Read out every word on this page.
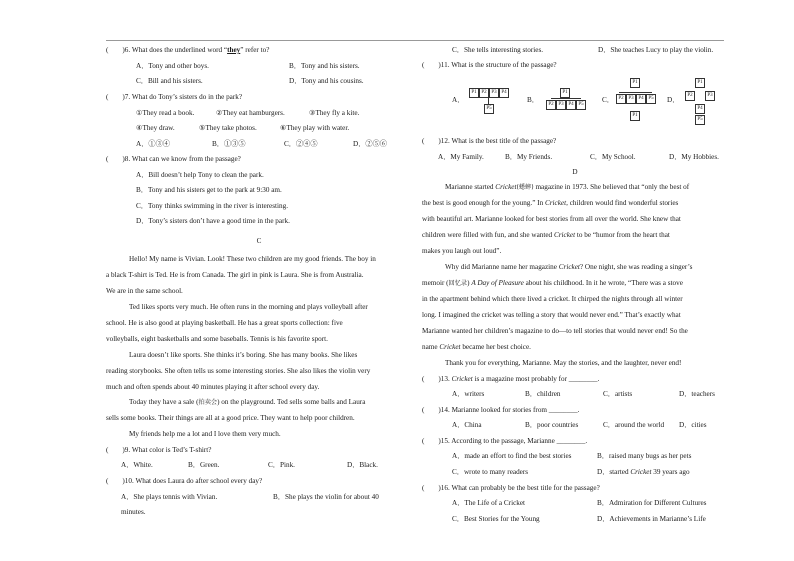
( )6. What does the underlined word “they” refer to?
A．Tony and other boys.	B．Tony and his sisters.
C．Bill and his sisters.	D．Tony and his cousins.
( )7. What do Tony’s sisters do in the park?
①They read a book.	②They eat hamburgers.	③They fly a kite.
④They draw.	⑤They take photos.	⑥They play with water.
A．①③④	B．①③⑤	C．②④⑤	D．②⑤⑥
( )8. What can we know from the passage?
A．Bill doesn’t help Tony to clean the park.
B．Tony and his sisters get to the park at 9:30 am.
C．Tony thinks swimming in the river is interesting.
D．Tony’s sisters don’t have a good time in the park.
C
Hello! My name is Vivian. Look! These two children are my good friends. The boy in
a black T-shirt is Ted. He is from Canada. The girl in pink is Laura. She is from Australia.
We are in the same school.
Ted likes sports very much. He often runs in the morning and plays volleyball after
school. He is also good at playing basketball. He has a great sports collection: five
volleyballs, eight basketballs and some baseballs. Tennis is his favorite sport.
Laura doesn’t like sports. She thinks it’s boring. She has many books. She likes
reading storybooks. She often tells us some interesting stories. She also likes the violin very
much and often spends about 40 minutes playing it after school every day.
Today they have a sale (拍卖会) on the playground. Ted sells some balls and Laura
sells some books. Their things are all at a good price. They want to help poor children.
My friends help me a lot and I love them very much.
( )9. What color is Ted’s T-shirt?
A．White.	B．Green.	C．Pink.	D．Black.
( )10. What does Laura do after school every day?
A．She plays tennis with Vivian.	B．She plays the violin for about 40
minutes.
C．She tells interesting stories.	D．She teaches Lucy to play the violin.
( )11. What is the structure of the passage?
A．
P1 P2 P3 P4
P5
B．
P1
P2 P3 P4 P5
C．
P1
P2 P3 P4 P5
P1
D．
P1
P2	P3
P4
P5
( )12. What is the best title of the passage?
A．My Family.	B．My Friends.	C．My School.	D．My Hobbies.
D
Marianne started Cricket(蟋蟀) magazine in 1973. She believed that “only the best of
the best is good enough for the young.” In Cricket, children would find wonderful stories
with beautiful art. Marianne looked for best stories from all over the world. She knew that
children were filled with fun, and she wanted Cricket to be “humor from the heart that
makes you laugh out loud”.
Why did Marianne name her magazine Cricket? One night, she was reading a singer’s
memoir (回忆录) A Day of Pleasure about his childhood. In it he wrote, “There was a stove
in the apartment behind which there lived a cricket. It chirped the nights through all winter
long. I imagined the cricket was telling a story that would never end.” That’s exactly what
Marianne wanted her children’s magazine to do—to tell stories that would never end! So the
name Cricket became her best choice.
Thank you for everything, Marianne. May the stories, and the laughter, never end!
( )13. Cricket is a magazine most probably for ________.
A．writers	B．children	C．artists	D．teachers
( )14. Marianne looked for stories from ________.
A．China	B．poor countries	C．around the world D．cities
( )15. According to the passage, Marianne ________.
A．made an effort to find the best stories	B．raised many bugs as her pets
C．wrote to many readers	D．started Cricket 39 years ago
( )16. What can probably be the best title for the passage?
A．The Life of a Cricket	B．Admiration for Different Cultures
C．Best Stories for the Young	D．Achievements in Marianne’s Life
